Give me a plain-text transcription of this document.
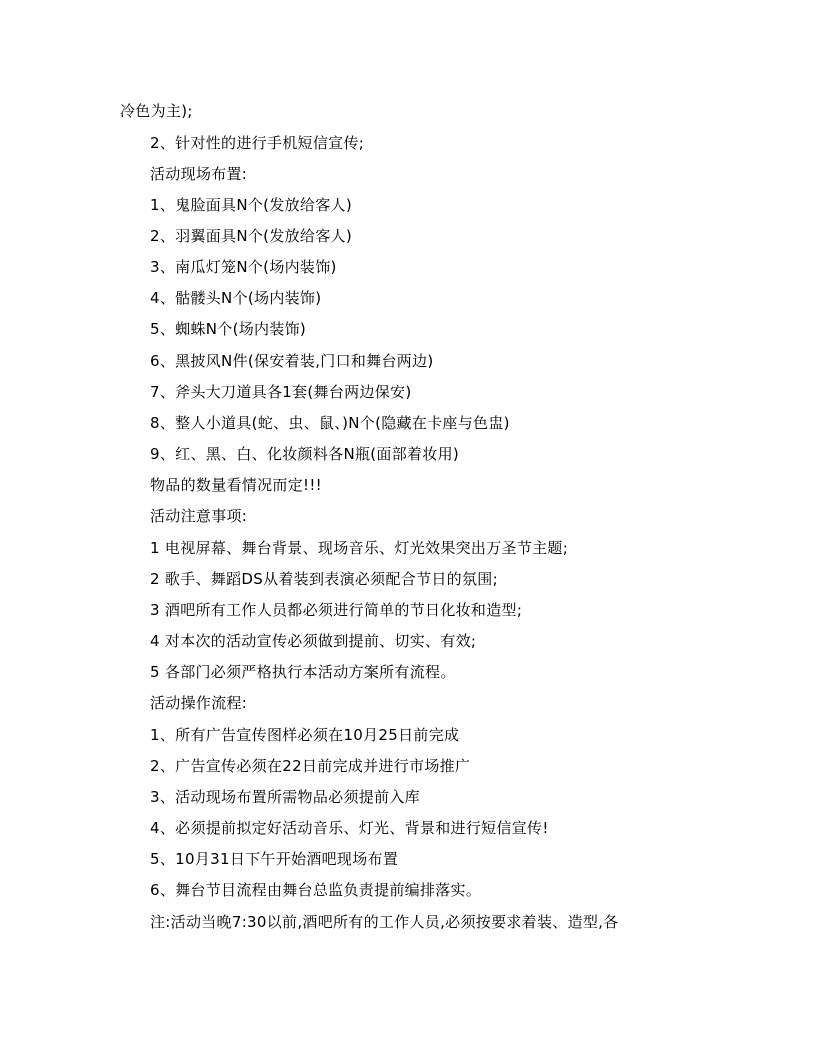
冷色为主);
2、针对性的进行手机短信宣传;
活动现场布置:
1、鬼脸面具N个(发放给客人)
2、羽翼面具N个(发放给客人)
3、南瓜灯笼N个(场内装饰)
4、骷髅头N个(场内装饰)
5、蜘蛛N个(场内装饰)
6、黑披风N件(保安着装,门口和舞台两边)
7、斧头大刀道具各1套(舞台两边保安)
8、整人小道具(蛇、虫、鼠、)N个(隐藏在卡座与色盅)
9、红、黑、白、化妆颜料各N瓶(面部着妆用)
物品的数量看情况而定!!!
活动注意事项:
1 电视屏幕、舞台背景、现场音乐、灯光效果突出万圣节主题;
2 歌手、舞蹈DS从着装到表演必须配合节日的氛围;
3 酒吧所有工作人员都必须进行简单的节日化妆和造型;
4 对本次的活动宣传必须做到提前、切实、有效;
5 各部门必须严格执行本活动方案所有流程。
活动操作流程:
1、所有广告宣传图样必须在10月25日前完成
2、广告宣传必须在22日前完成并进行市场推广
3、活动现场布置所需物品必须提前入库
4、必须提前拟定好活动音乐、灯光、背景和进行短信宣传!
5、10月31日下午开始酒吧现场布置
6、舞台节目流程由舞台总监负责提前编排落实。
注:活动当晚7:30以前,酒吧所有的工作人员,必须按要求着装、造型,各
